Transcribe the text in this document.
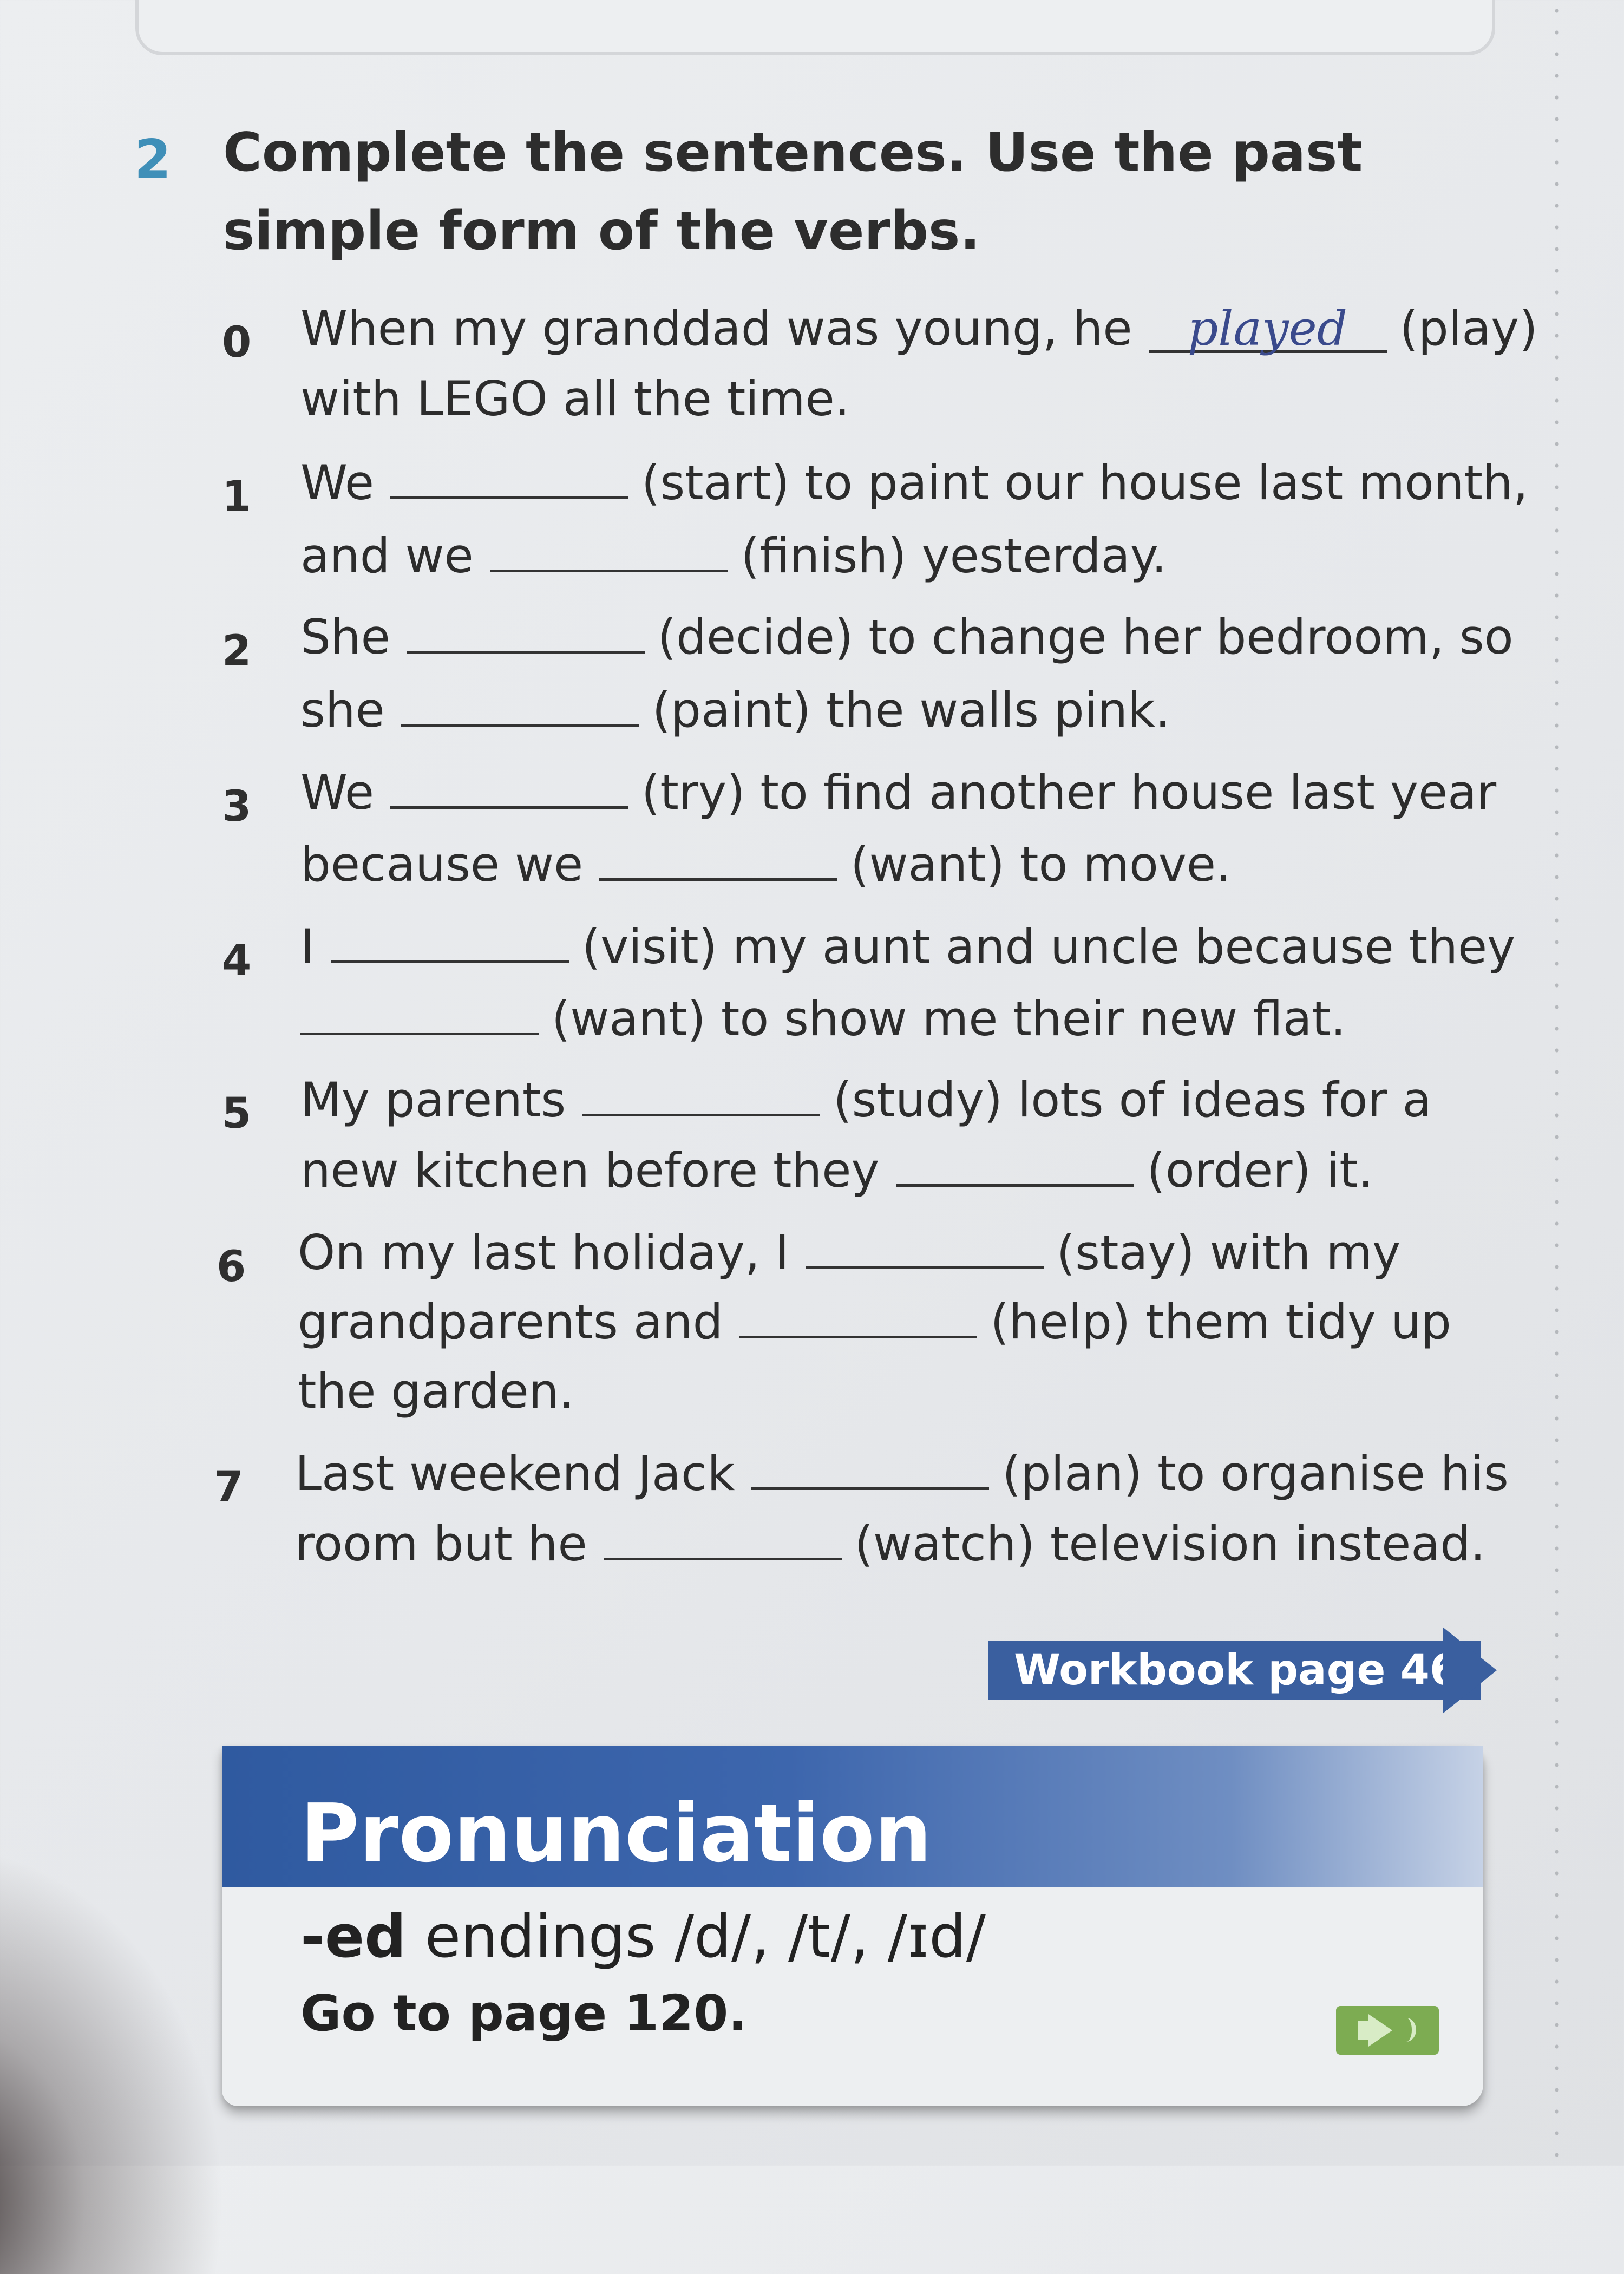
2 Complete the sentences. Use the past simple form of the verbs.
0 When my granddad was young, he played (play)
with LEGO all the time.
1 We	(start) to paint our house last month,
and we	(finish) yesterday.
2 She	(decide) to change her bedroom, so
she	(paint) the walls pink.
3 We	(try) to find another house last year
because we	(want) to move.
4 I	(visit) my aunt and uncle because they
(want) to show me their new flat.
5 My parents	(study) lots of ideas for a
new kitchen before they	(order) it.
6 On my last holiday, I	(stay) with my
grandparents and	(help) them tidy up
the garden.
7 Last weekend Jack	(plan) to organise his
room but he	(watch) television instead.
Workbook page 46
Pronunciation
-ed endings /d/, /t/, /ɪd/
Go to page 120.
